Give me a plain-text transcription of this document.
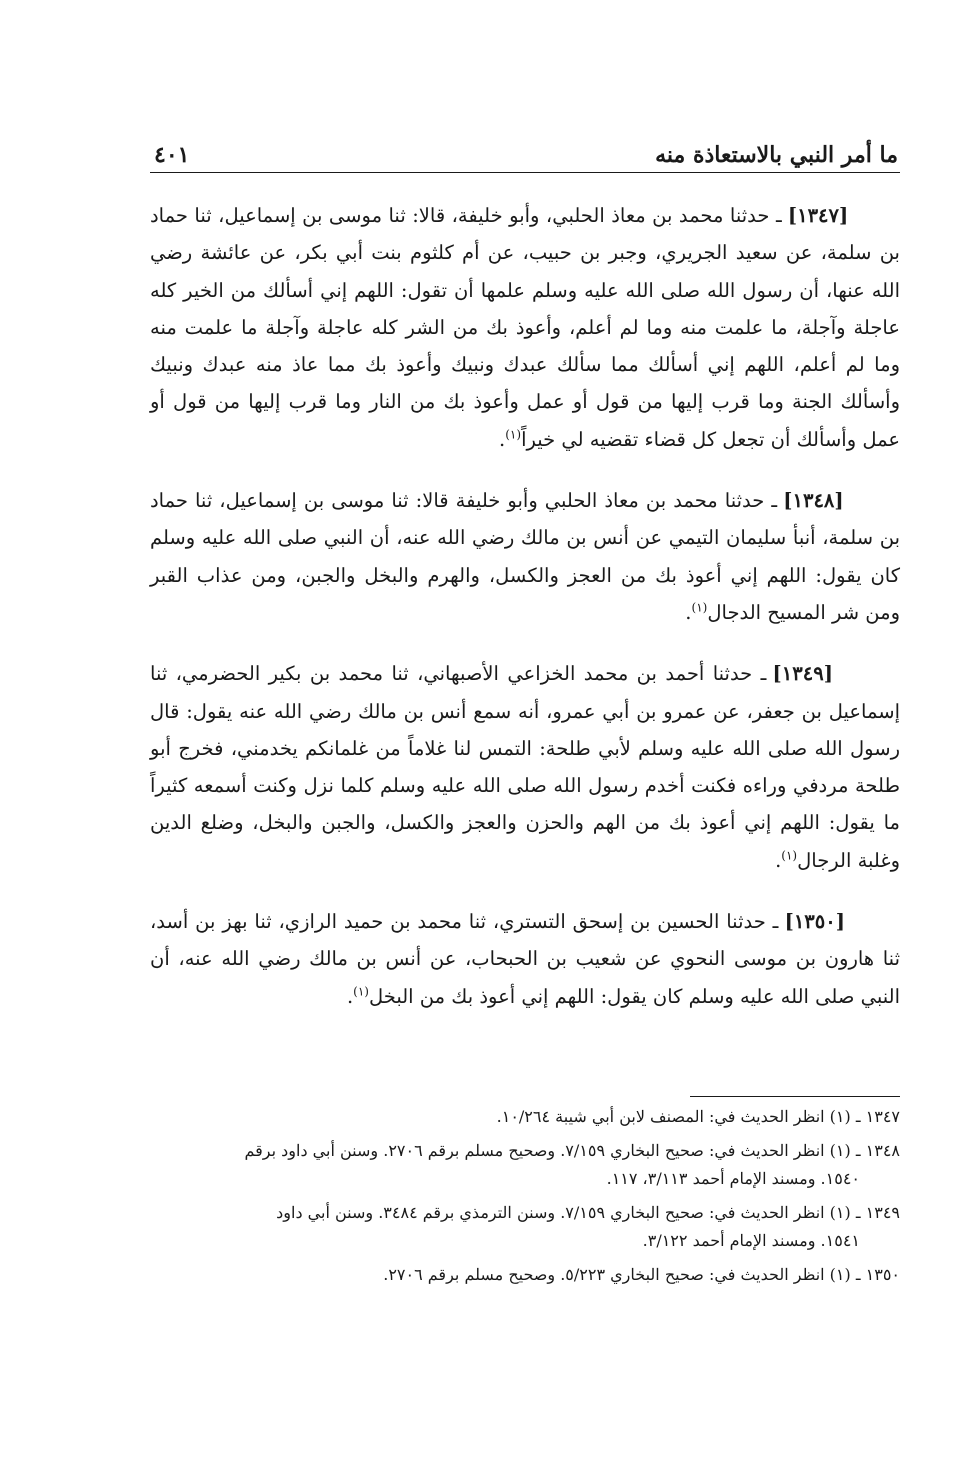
ما أمر النبي بالاستعاذة منه
٤٠١

[١٣٤٧] ـ حدثنا محمد بن معاذ الحلبي، وأبو خليفة، قالا: ثنا موسى بن إسماعيل، ثنا حماد بن سلمة، عن سعيد الجريري، وجبر بن حبيب، عن أم كلثوم بنت أبي بكر، عن عائشة رضي الله عنها، أن رسول الله صلى الله عليه وسلم علمها أن تقول: اللهم إني أسألك من الخير كله عاجلة وآجلة، ما علمت منه وما لم أعلم، وأعوذ بك من الشر كله عاجلة وآجلة ما علمت منه وما لم أعلم، اللهم إني أسألك مما سألك عبدك ونبيك وأعوذ بك مما عاذ منه عبدك ونبيك وأسألك الجنة وما قرب إليها من قول أو عمل وأعوذ بك من النار وما قرب إليها من قول أو عمل وأسألك أن تجعل كل قضاء تقضيه لي خيراً$^{(١)}$.

[١٣٤٨] ـ حدثنا محمد بن معاذ الحلبي وأبو خليفة قالا: ثنا موسى بن إسماعيل، ثنا حماد بن سلمة، أنبأ سليمان التيمي عن أنس بن مالك رضي الله عنه، أن النبي صلى الله عليه وسلم كان يقول: اللهم إني أعوذ بك من العجز والكسل، والهرم والبخل والجبن، ومن عذاب القبر ومن شر المسيح الدجال$^{(١)}$.

[١٣٤٩] ـ حدثنا أحمد بن محمد الخزاعي الأصبهاني، ثنا محمد بن بكير الحضرمي، ثنا إسماعيل بن جعفر، عن عمرو بن أبي عمرو، أنه سمع أنس بن مالك رضي الله عنه يقول: قال رسول الله صلى الله عليه وسلم لأبي طلحة: التمس لنا غلاماً من غلمانكم يخدمني، فخرج أبو طلحة مردفي وراءه فكنت أخدم رسول الله صلى الله عليه وسلم كلما نزل وكنت أسمعه كثيراً ما يقول: اللهم إني أعوذ بك من الهم والحزن والعجز والكسل، والجبن والبخل، وضلع الدين وغلبة الرجال$^{(١)}$.

[١٣٥٠] ـ حدثنا الحسين بن إسحق التستري، ثنا محمد بن حميد الرازي، ثنا بهز بن أسد، ثنا هارون بن موسى النحوي عن شعيب بن الحبحاب، عن أنس بن مالك رضي الله عنه، أن النبي صلى الله عليه وسلم كان يقول: اللهم إني أعوذ بك من البخل$^{(١)}$.

١٣٤٧ ـ (١) انظر الحديث في: المصنف لابن أبي شيبة ١٠/٢٦٤.
١٣٤٨ ـ (١) انظر الحديث في: صحيح البخاري ٧/١٥٩. وصحيح مسلم برقم ٢٧٠٦. وسنن أبي داود برقم
١٥٤٠. ومسند الإمام أحمد ٣/١١٣، ١١٧.
١٣٤٩ ـ (١) انظر الحديث في: صحيح البخاري ٧/١٥٩. وسنن الترمذي برقم ٣٤٨٤. وسنن أبي داود
١٥٤١. ومسند الإمام أحمد ٣/١٢٢.
١٣٥٠ ـ (١) انظر الحديث في: صحيح البخاري ٥/٢٢٣. وصحيح مسلم برقم ٢٧٠٦.
